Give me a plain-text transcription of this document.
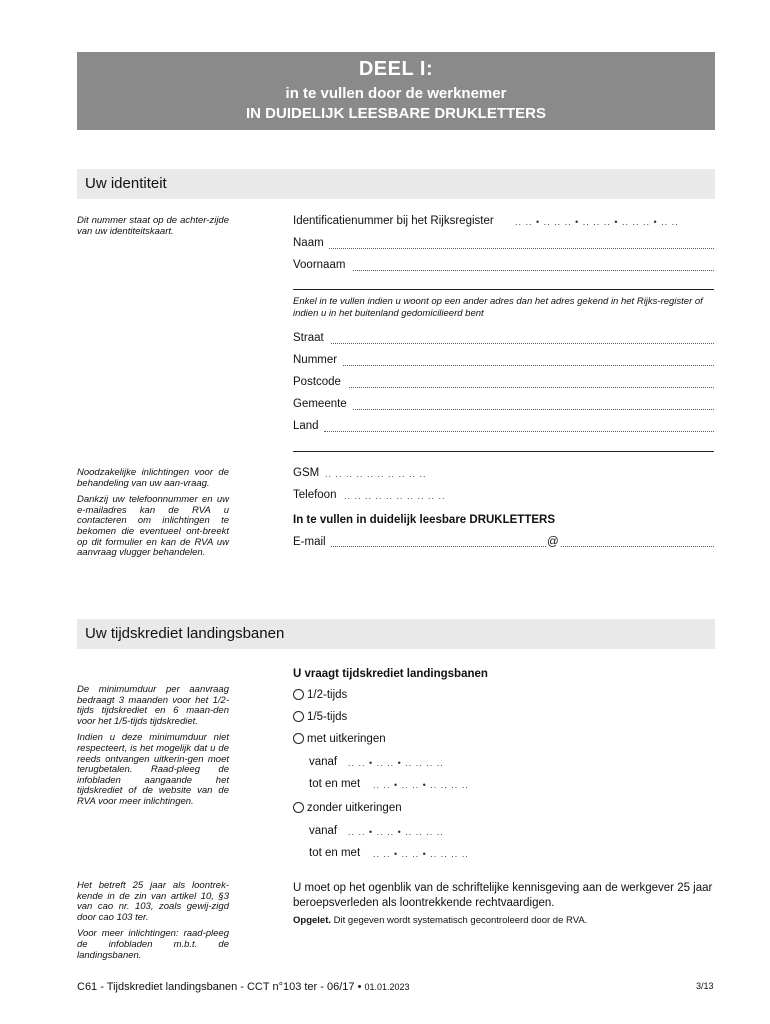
DEEL I:
in te vullen door de werknemer
IN DUIDELIJK LEESBARE DRUKLETTERS
Uw identiteit

Dit nummer staat op de achter-zijde van uw identiteitskaart.

Identificatienummer bij het Rijksregister .. .. • .. .. .. • .. .. .. • .. .. .. • .. ..
Naam
Voornaam
Enkel in te vullen indien u woont op een ander adres dan het adres gekend in het Rijks-register of indien u in het buitenland gedomicilieerd bent
Straat
Nummer
Postcode
Gemeente
Land

Noodzakelijke inlichtingen voor de behandeling van uw aan-vraag.

Dankzij uw telefoonnummer en uw e-mailadres kan de RVA u contacteren om inlichtingen te bekomen die eventueel ont-breekt op dit formulier en kan de RVA uw aanvraag vlugger behandelen.

GSM .. .. .. .. .. .. .. .. .. ..
Telefoon .. .. .. .. .. .. .. .. .. ..
In te vullen in duidelijk leesbare DRUKLETTERS
E-mail	@
Uw tijdskrediet landingsbanen

De minimumduur per aanvraag bedraagt 3 maanden voor het 1/2-tijds tijdskrediet en 6 maan-den voor het 1/5-tijds tijdskrediet.

Indien u deze minimumduur niet respecteert, is het mogelijk dat u de reeds ontvangen uitkerin-gen moet terugbetalen. Raad-pleeg de infobladen aangaande het tijdskrediet of de website van de RVA voor meer inlichtingen.

U vraagt tijdskrediet landingsbanen
1/2-tijds
1/5-tijds
met uitkeringen
vanaf .. .. • .. .. • .. .. .. ..
tot en met .. .. • .. .. • .. .. .. ..
zonder uitkeringen
vanaf .. .. • .. .. • .. .. .. ..
tot en met .. .. • .. .. • .. .. .. ..

Het betreft 25 jaar als loontrek-kende in de zin van artikel 10, §3 van cao nr. 103, zoals gewij-zigd door cao 103 ter.

Voor meer inlichtingen: raad-pleeg de infobladen m.b.t. de landingsbanen.

U moet op het ogenblik van de schriftelijke kennisgeving aan de werkgever 25 jaar beroepsverleden als loontrekkende rechtvaardigen.
Opgelet. Dit gegeven wordt systematisch gecontroleerd door de RVA.
C61 - Tijdskrediet landingsbanen - CCT n°103 ter - 06/17 • 01.01.2023	3/13
